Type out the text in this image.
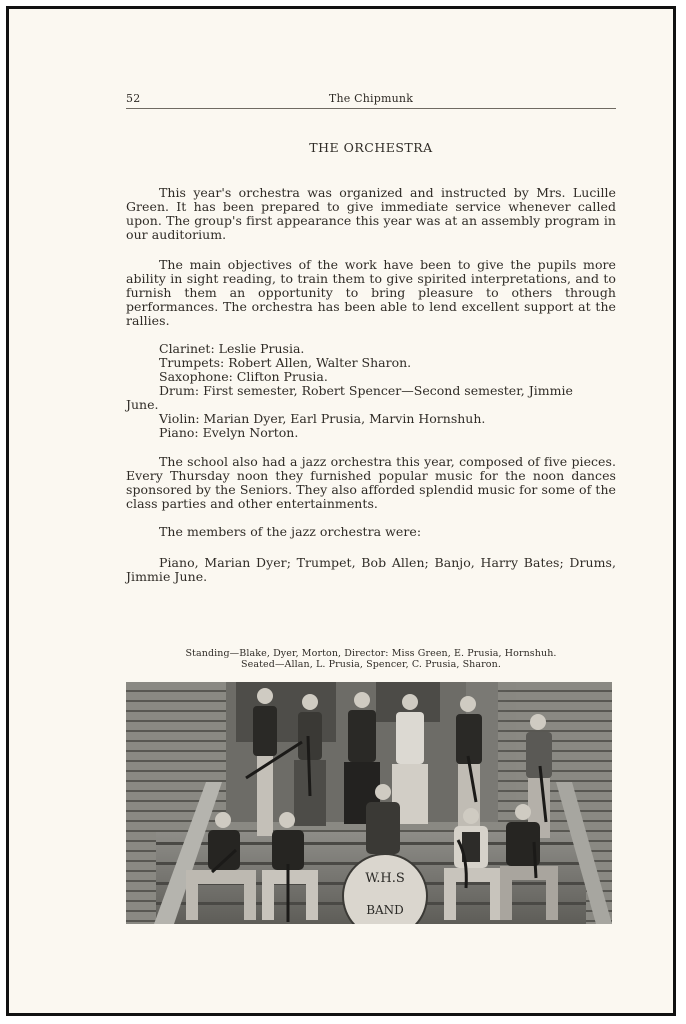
52	The Chipmunk
THE ORCHESTRA

This year's orchestra was organized and instructed by Mrs. Lucille Green. It has been prepared to give immediate service whenever called upon. The group's first appearance this year was at an assembly program in our auditorium.

The main objectives of the work have been to give the pupils more ability in sight reading, to train them to give spirited interpretations, and to furnish them an opportunity to bring pleasure to others through performances. The orchestra has been able to lend excellent support at the rallies.

Clarinet: Leslie Prusia.

Trumpets: Robert Allen, Walter Sharon.

Saxophone: Clifton Prusia.

Drum: First semester, Robert Spencer—Second semester, Jimmie
June.

Violin: Marian Dyer, Earl Prusia, Marvin Hornshuh.

Piano: Evelyn Norton.

The school also had a jazz orchestra this year, composed of five pieces. Every Thursday noon they furnished popular music for the noon dances sponsored by the Seniors. They also afforded splendid music for some of the class parties and other entertainments.

The members of the jazz orchestra were:

Piano, Marian Dyer; Trumpet, Bob Allen; Banjo, Harry Bates; Drums, Jimmie June.

Standing—Blake, Dyer, Morton, Director: Miss Green, E. Prusia, Hornshuh.
Seated—Allan, L. Prusia, Spencer, C. Prusia, Sharon.
W.H.S
BAND
